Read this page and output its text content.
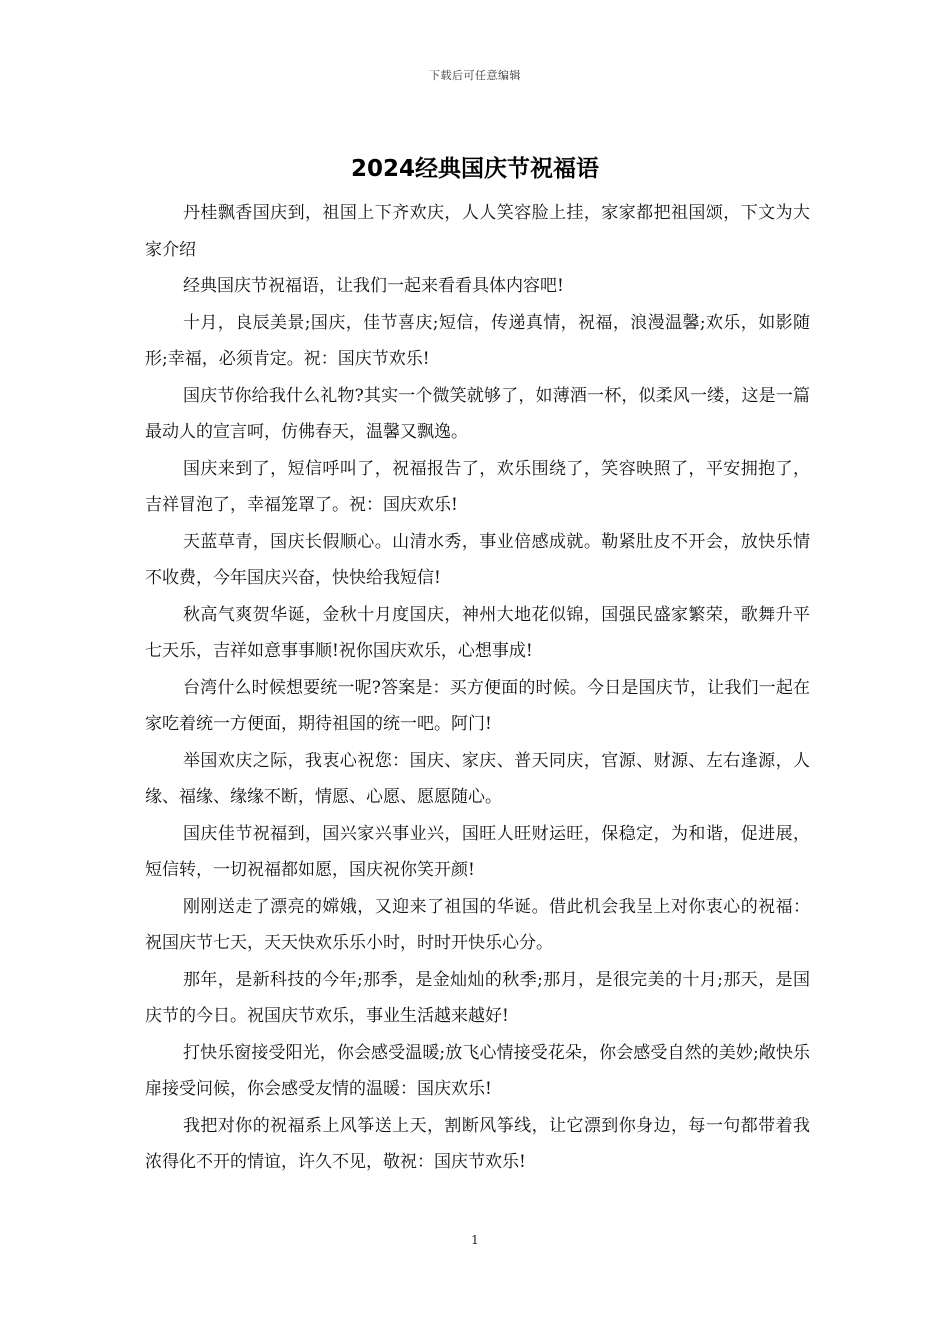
下载后可任意编辑
2024经典国庆节祝福语

丹桂飘香国庆到，祖国上下齐欢庆，人人笑容脸上挂，家家都把祖国颂，下文为大家介绍

经典国庆节祝福语，让我们一起来看看具体内容吧!

十月，良辰美景;国庆，佳节喜庆;短信，传递真情，祝福，浪漫温馨;欢乐，如影随形;幸福，必须肯定。祝：国庆节欢乐!

国庆节你给我什么礼物?其实一个微笑就够了，如薄酒一杯，似柔风一缕，这是一篇最动人的宣言呵，仿佛春天，温馨又飘逸。

国庆来到了，短信呼叫了，祝福报告了，欢乐围绕了，笑容映照了，平安拥抱了，吉祥冒泡了，幸福笼罩了。祝：国庆欢乐!

天蓝草青，国庆长假顺心。山清水秀，事业倍感成就。勒紧肚皮不开会，放快乐情不收费，今年国庆兴奋，快快给我短信!

秋高气爽贺华诞，金秋十月度国庆，神州大地花似锦，国强民盛家繁荣，歌舞升平七天乐，吉祥如意事事顺!祝你国庆欢乐，心想事成!

台湾什么时候想要统一呢?答案是：买方便面的时候。今日是国庆节，让我们一起在家吃着统一方便面，期待祖国的统一吧。阿门!

举国欢庆之际，我衷心祝您：国庆、家庆、普天同庆，官源、财源、左右逢源，人缘、福缘、缘缘不断，情愿、心愿、愿愿随心。

国庆佳节祝福到，国兴家兴事业兴，国旺人旺财运旺，保稳定，为和谐，促进展，短信转，一切祝福都如愿，国庆祝你笑开颜!

刚刚送走了漂亮的嫦娥，又迎来了祖国的华诞。借此机会我呈上对你衷心的祝福：祝国庆节七天，天天快欢乐乐小时，时时开快乐心分。

那年，是新科技的今年;那季，是金灿灿的秋季;那月，是很完美的十月;那天，是国庆节的今日。祝国庆节欢乐，事业生活越来越好!

打快乐窗接受阳光，你会感受温暖;放飞心情接受花朵，你会感受自然的美妙;敞快乐扉接受问候，你会感受友情的温暖：国庆欢乐!

我把对你的祝福系上风筝送上天，割断风筝线，让它漂到你身边，每一句都带着我浓得化不开的情谊，许久不见，敬祝：国庆节欢乐!

1
